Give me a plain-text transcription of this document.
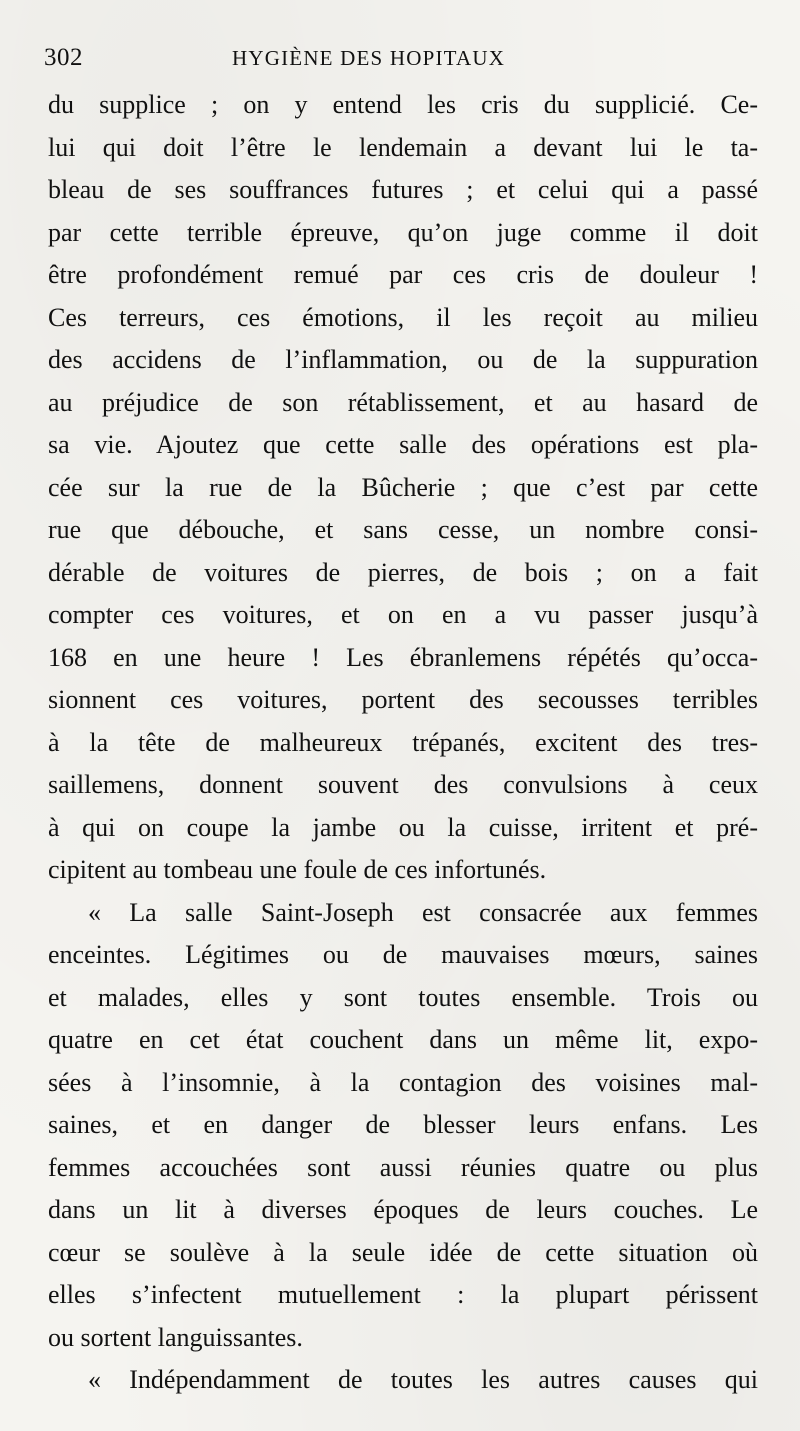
302	HYGIÈNE DES HOPITAUX
du supplice ; on y entend les cris du supplicié. Ce-
lui qui doit l’être le lendemain a devant lui le ta-
bleau de ses souffrances futures ; et celui qui a passé
par cette terrible épreuve, qu’on juge comme il doit
être profondément remué par ces cris de douleur !
Ces terreurs, ces émotions, il les reçoit au milieu
des accidens de l’inflammation, ou de la suppuration
au préjudice de son rétablissement, et au hasard de
sa vie. Ajoutez que cette salle des opérations est pla-
cée sur la rue de la Bûcherie ; que c’est par cette
rue que débouche, et sans cesse, un nombre consi-
dérable de voitures de pierres, de bois ; on a fait
compter ces voitures, et on en a vu passer jusqu’à
168 en une heure ! Les ébranlemens répétés qu’occa-
sionnent ces voitures, portent des secousses terribles
à la tête de malheureux trépanés, excitent des tres-
saillemens, donnent souvent des convulsions à ceux
à qui on coupe la jambe ou la cuisse, irritent et pré-
cipitent au tombeau une foule de ces infortunés.
« La salle Saint-Joseph est consacrée aux femmes
enceintes. Légitimes ou de mauvaises mœurs, saines
et malades, elles y sont toutes ensemble. Trois ou
quatre en cet état couchent dans un même lit, expo-
sées à l’insomnie, à la contagion des voisines mal-
saines, et en danger de blesser leurs enfans. Les
femmes accouchées sont aussi réunies quatre ou plus
dans un lit à diverses époques de leurs couches. Le
cœur se soulève à la seule idée de cette situation où
elles s’infectent mutuellement : la plupart périssent
ou sortent languissantes.
« Indépendamment de toutes les autres causes qui
